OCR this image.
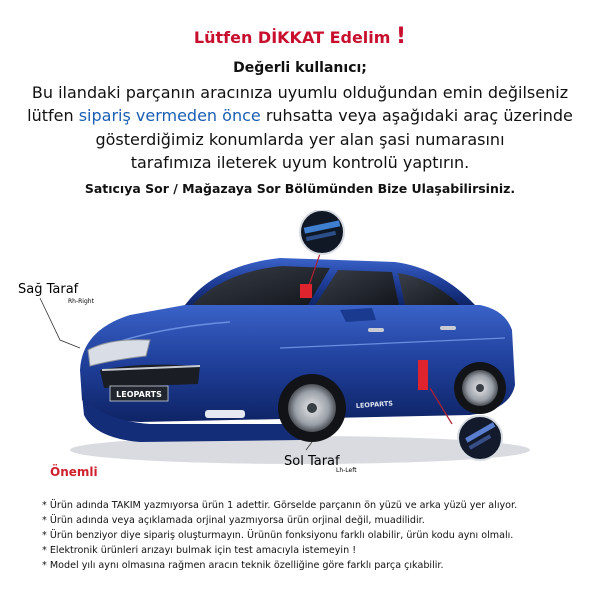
Lütfen DİKKAT Edelim !
Değerli kullanıcı;
Bu ilandaki parçanın aracınıza uyumlu olduğundan emin değilseniz
lütfen sipariş vermeden önce ruhsatta veya aşağıdaki araç üzerinde
gösterdiğimiz konumlarda yer alan şasi numarasını
tarafımıza ileterek uyum kontrolü yaptırın.
Satıcıya Sor / Mağazaya Sor Bölümünden Bize Ulaşabilirsiniz.
LEOPARTS
LEOPARTS
Sağ Taraf
Rh-Right
Sol Taraf
Lh-Left
Önemli
* Ürün adında TAKIM yazmıyorsa ürün 1 adettir. Görselde parçanın ön yüzü ve arka yüzü yer alıyor.
* Ürün adında veya açıklamada orjinal yazmıyorsa ürün orjinal değil, muadilidir.
* Ürün benziyor diye sipariş oluşturmayın. Ürünün fonksiyonu farklı olabilir, ürün kodu aynı olmalı.
* Elektronik ürünleri arızayı bulmak için test amacıyla istemeyin !
* Model yılı aynı olmasına rağmen aracın teknik özelliğine göre farklı parça çıkabilir.
